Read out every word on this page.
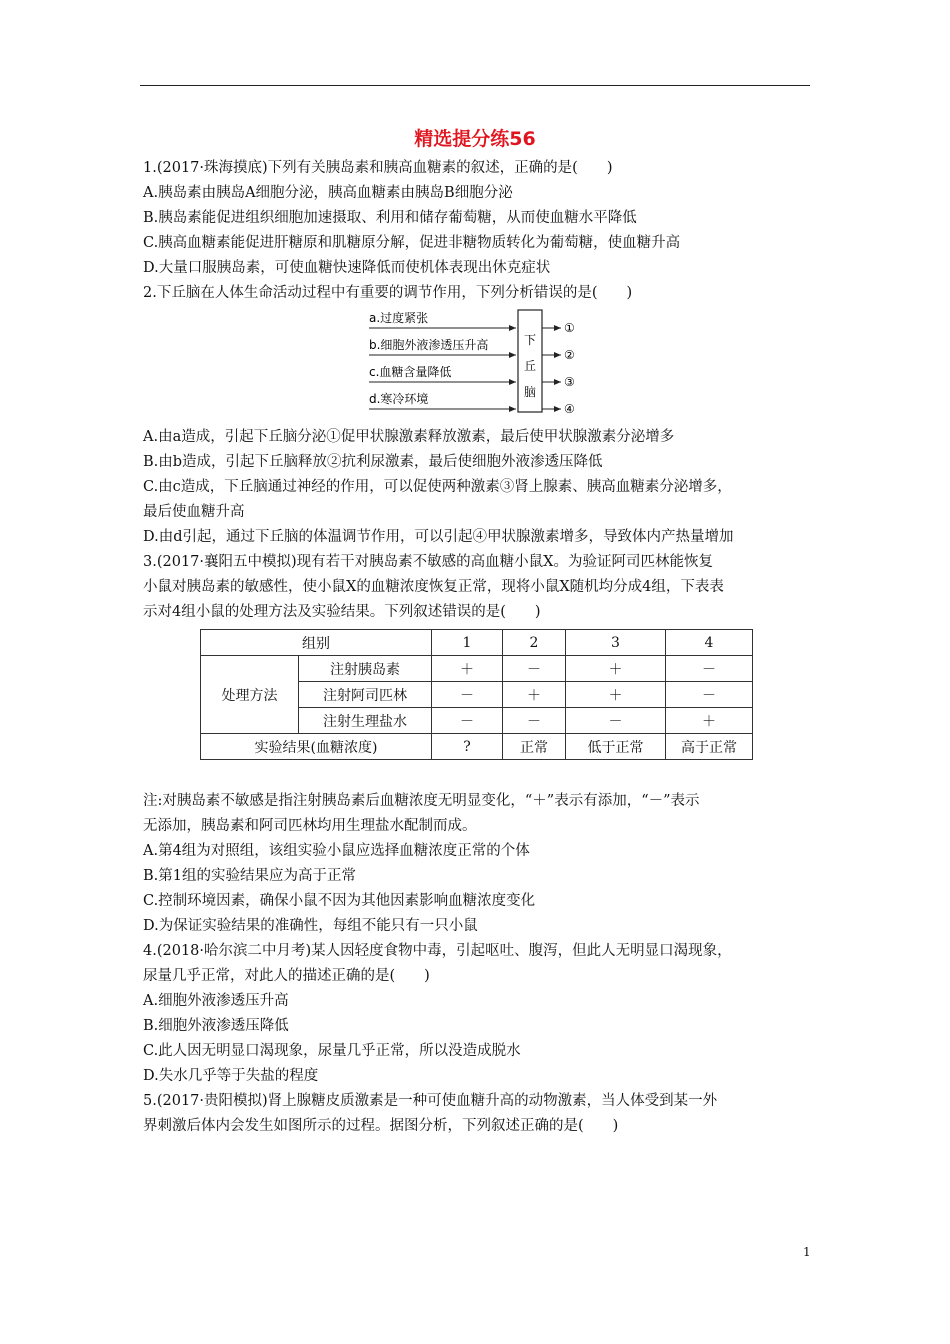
精选提分练56
1.(2017·珠海摸底)下列有关胰岛素和胰高血糖素的叙述，正确的是(　　)
A.胰岛素由胰岛A细胞分泌，胰高血糖素由胰岛B细胞分泌
B.胰岛素能促进组织细胞加速摄取、利用和储存葡萄糖，从而使血糖水平降低
C.胰高血糖素能促进肝糖原和肌糖原分解，促进非糖物质转化为葡萄糖，使血糖升高
D.大量口服胰岛素，可使血糖快速降低而使机体表现出休克症状
2.下丘脑在人体生命活动过程中有重要的调节作用，下列分析错误的是(　　)
下
丘
脑
a.过度紧张
b.细胞外液渗透压升高
c.血糖含量降低
d.寒冷环境
①
②
③
④
A.由a造成，引起下丘脑分泌①促甲状腺激素释放激素，最后使甲状腺激素分泌增多
B.由b造成，引起下丘脑释放②抗利尿激素，最后使细胞外液渗透压降低
C.由c造成，下丘脑通过神经的作用，可以促使两种激素③肾上腺素、胰高血糖素分泌增多，
最后使血糖升高
D.由d引起，通过下丘脑的体温调节作用，可以引起④甲状腺激素增多，导致体内产热量增加
3.(2017·襄阳五中模拟)现有若干对胰岛素不敏感的高血糖小鼠X。为验证阿司匹林能恢复
小鼠对胰岛素的敏感性，使小鼠X的血糖浓度恢复正常，现将小鼠X随机均分成4组，下表表
示对4组小鼠的处理方法及实验结果。下列叙述错误的是(　　)
组别		1	2	3	4
处理方法	注射胰岛素	＋	－	＋	－
	注射阿司匹林	－	＋	＋	－
	注射生理盐水	－	－	－	＋
实验结果(血糖浓度)		?	正常	低于正常	高于正常
注:对胰岛素不敏感是指注射胰岛素后血糖浓度无明显变化，“＋”表示有添加，“－”表示
无添加，胰岛素和阿司匹林均用生理盐水配制而成。
A.第4组为对照组，该组实验小鼠应选择血糖浓度正常的个体
B.第1组的实验结果应为高于正常
C.控制环境因素，确保小鼠不因为其他因素影响血糖浓度变化
D.为保证实验结果的准确性，每组不能只有一只小鼠
4.(2018·哈尔滨二中月考)某人因轻度食物中毒，引起呕吐、腹泻，但此人无明显口渴现象，
尿量几乎正常，对此人的描述正确的是(　　)
A.细胞外液渗透压升高
B.细胞外液渗透压降低
C.此人因无明显口渴现象，尿量几乎正常，所以没造成脱水
D.失水几乎等于失盐的程度
5.(2017·贵阳模拟)肾上腺糖皮质激素是一种可使血糖升高的动物激素，当人体受到某一外
界刺激后体内会发生如图所示的过程。据图分析，下列叙述正确的是(　　)
1
